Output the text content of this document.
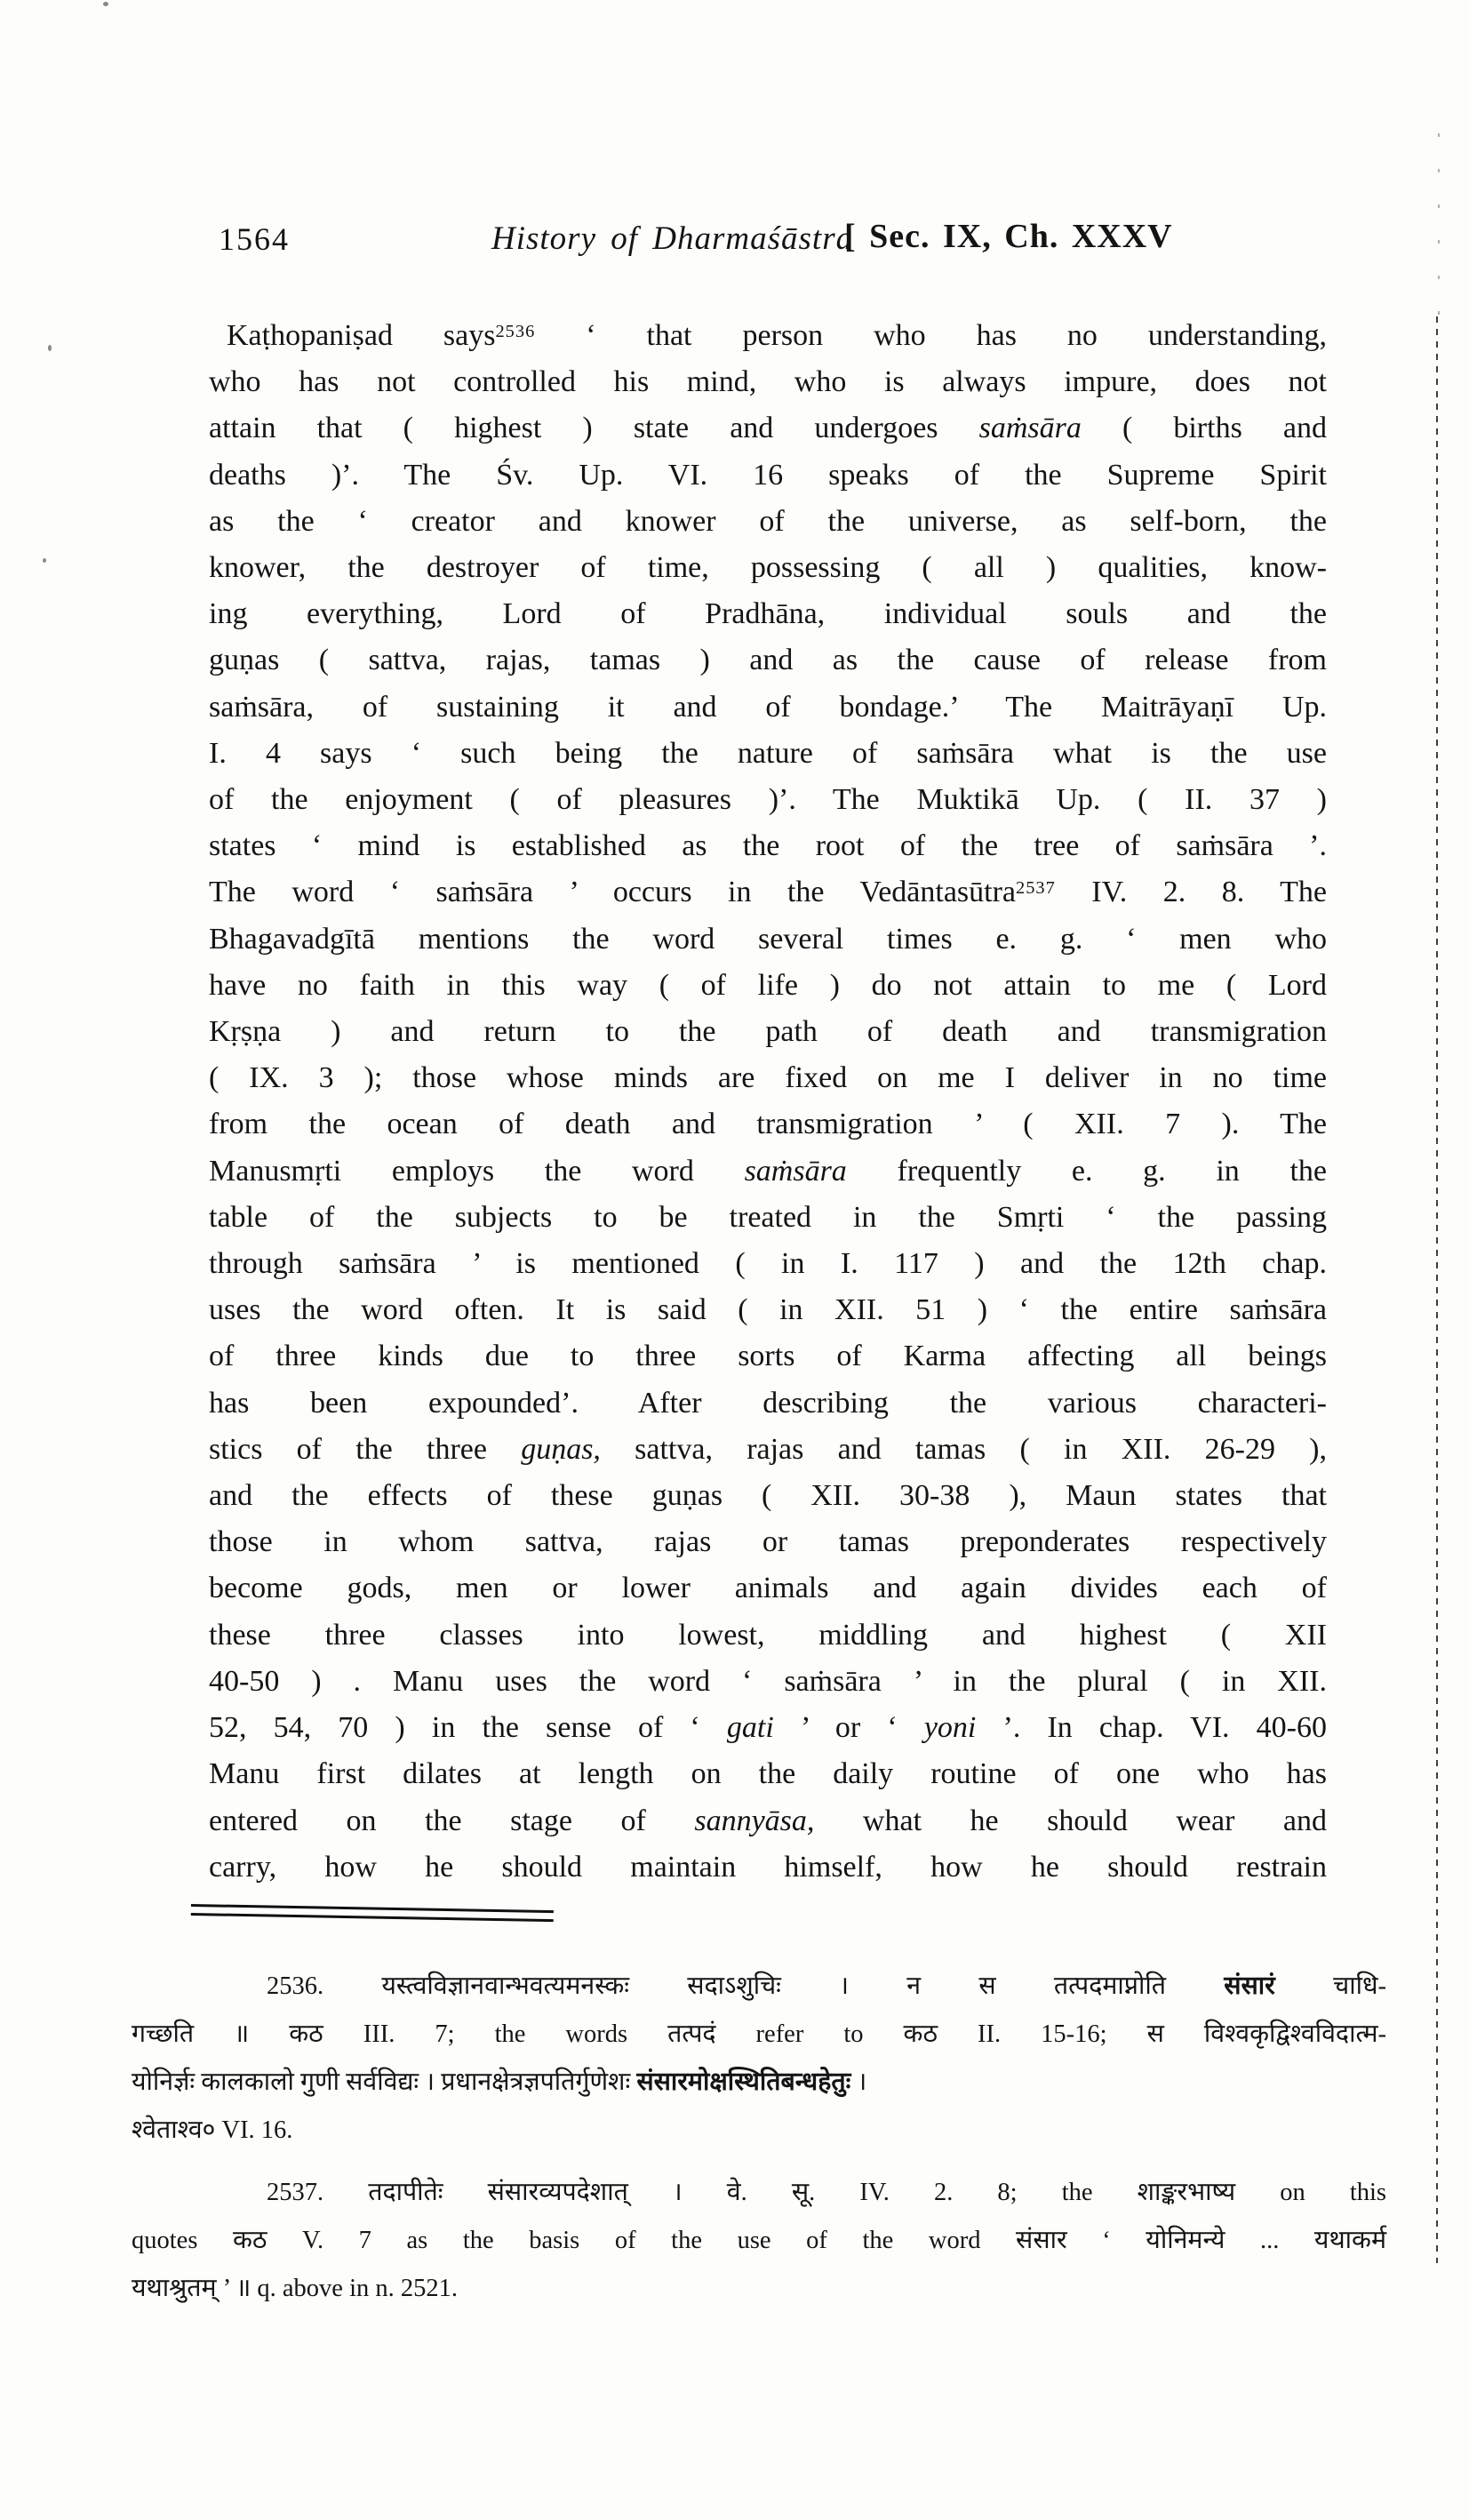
1564	History of Dharmaśāstra
[ Sec. IX, Ch. XXXV
Kaṭhopaniṣad says$^{2536}$ ‘ that person who has no understanding,
who has not controlled his mind, who is always impure, does not
attain that ( highest ) state and undergoes saṁsāra ( births and
deaths )’. The Śv. Up. VI. 16 speaks of the Supreme Spirit
as the ‘ creator and knower of the universe, as self-born, the
knower, the destroyer of time, possessing ( all ) qualities, know-
ing everything, Lord of Pradhāna, individual souls and the
guṇas ( sattva, rajas, tamas ) and as the cause of release from
saṁsāra, of sustaining it and of bondage.’ The Maitrāyaṇī Up.
I. 4 says ‘ such being the nature of saṁsāra what is the use
of the enjoyment ( of pleasures )’. The Muktikā Up. ( II. 37 )
states ‘ mind is established as the root of the tree of saṁsāra ’.
The word ‘ saṁsāra ’ occurs in the Vedāntasūtra$^{2537}$ IV. 2. 8. The
Bhagavadgītā mentions the word several times e. g. ‘ men who
have no faith in this way ( of life ) do not attain to me ( Lord
Kṛṣṇa ) and return to the path of death and transmigration
( IX. 3 ); those whose minds are fixed on me I deliver in no time
from the ocean of death and transmigration ’ ( XII. 7 ). The
Manusmṛti employs the word saṁsāra frequently e. g. in the
table of the subjects to be treated in the Smṛti ‘ the passing
through saṁsāra ’ is mentioned ( in I. 117 ) and the 12th chap.
uses the word often. It is said ( in XII. 51 ) ‘ the entire saṁsāra
of three kinds due to three sorts of Karma affecting all beings
has been expounded’. After describing the various characteri-
stics of the three guṇas, sattva, rajas and tamas ( in XII. 26-29 ),
and the effects of these guṇas ( XII. 30-38 ), Maun states that
those in whom sattva, rajas or tamas preponderates respectively
become gods, men or lower animals and again divides each of
these three classes into lowest, middling and highest ( XII
40-50 ) . Manu uses the word ‘ saṁsāra ’ in the plural ( in XII.
52, 54, 70 ) in the sense of ‘ gati ’ or ‘ yoni ’. In chap. VI. 40-60
Manu first dilates at length on the daily routine of one who has
entered on the stage of sannyāsa, what he should wear and
carry, how he should maintain himself, how he should restrain
2536. यस्त्वविज्ञानवान्भवत्यमनस्कः सदाऽशुचिः । न स तत्पदमाप्नोति संसारं चाधि-
गच्छति ॥ कठ III. 7; the words तत्पदं refer to कठ II. 15-16; स विश्वकृद्विश्वविदात्म-
योनिर्ज्ञः कालकालो गुणी सर्वविद्यः । प्रधानक्षेत्रज्ञपतिर्गुणेशः संसारमोक्षस्थितिबन्धहेतुः ।
श्वेताश्व० VI. 16.
2537. तदापीतेः संसारव्यपदेशात् । वे. सू. IV. 2. 8; the शाङ्करभाष्य on this
quotes कठ V. 7 as the basis of the use of the word संसार ‘ योनिमन्ये ... यथाकर्म
यथाश्रुतम् ’ ॥ q. above in n. 2521.
